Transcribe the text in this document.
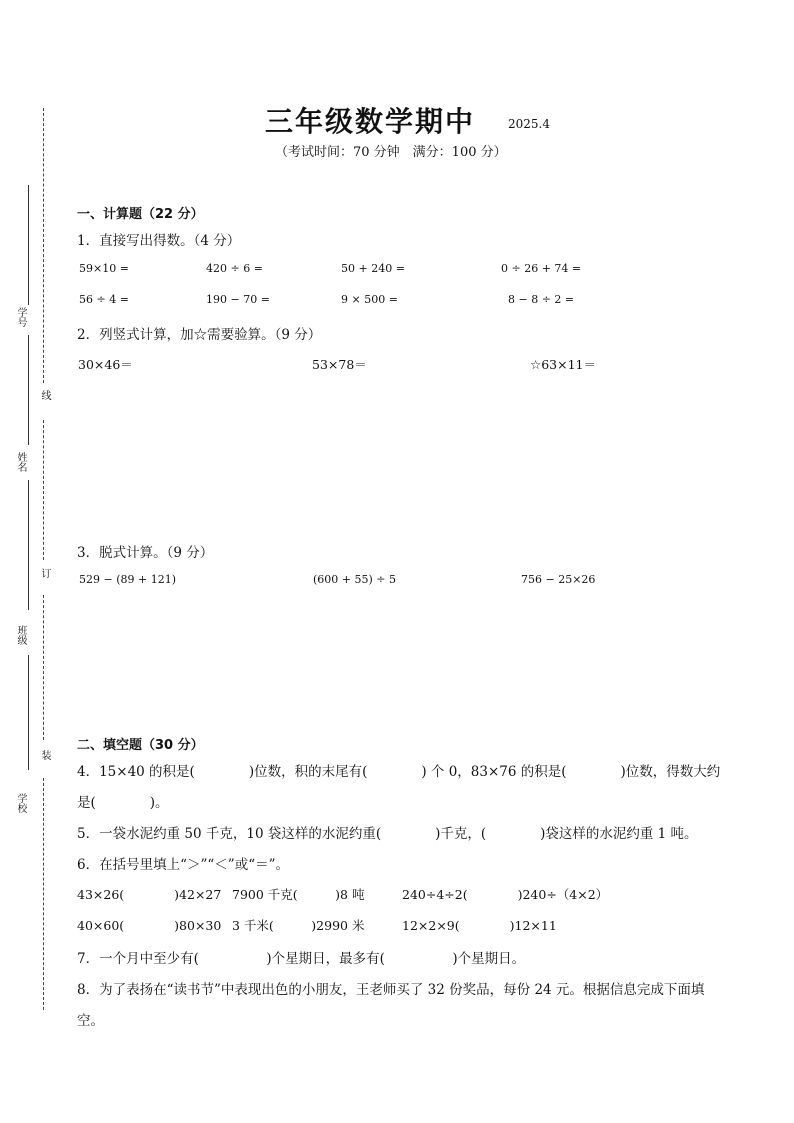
学号
姓名
班级
学校
线
订
装
三年级数学期中	2025.4
（考试时间：70 分钟　满分：100 分）
一、计算题（22 分）
1．直接写出得数。（4 分）
59×10 =	420 ÷ 6 =	50 + 240 =	0 ÷ 26 + 74 =
56 ÷ 4 =	190 − 70 =	9 × 500 =	8 − 8 ÷ 2 =
2．列竖式计算，加☆需要验算。（9 分）
30×46＝	53×78＝	☆63×11＝
3．脱式计算。（9 分）
529 − (89 + 121)	(600 + 55) ÷ 5	756 − 25×26
二、填空题（30 分）
4．15×40 的积是(　　　　)位数，积的末尾有(　　　　) 个 0，83×76 的积是(　　　　)位数，得数大约
是(　　　　)。
5．一袋水泥约重 50 千克，10 袋这样的水泥约重(　　　　)千克，(　　　　)袋这样的水泥约重 1 吨。
6．在括号里填上“＞”“＜”或“＝”。
43×26(　　　　)42×27 7900 千克(　　　)8 吨	240÷4÷2(　　　　)240÷（4×2）
40×60(　　　　)80×30 3 千米(　　　)2990 米	12×2×9(　　　　)12×11
7．一个月中至少有(　　　　　)个星期日，最多有(　　　　　)个星期日。
8．为了表扬在“读书节”中表现出色的小朋友，王老师买了 32 份奖品，每份 24 元。根据信息完成下面填
空。
